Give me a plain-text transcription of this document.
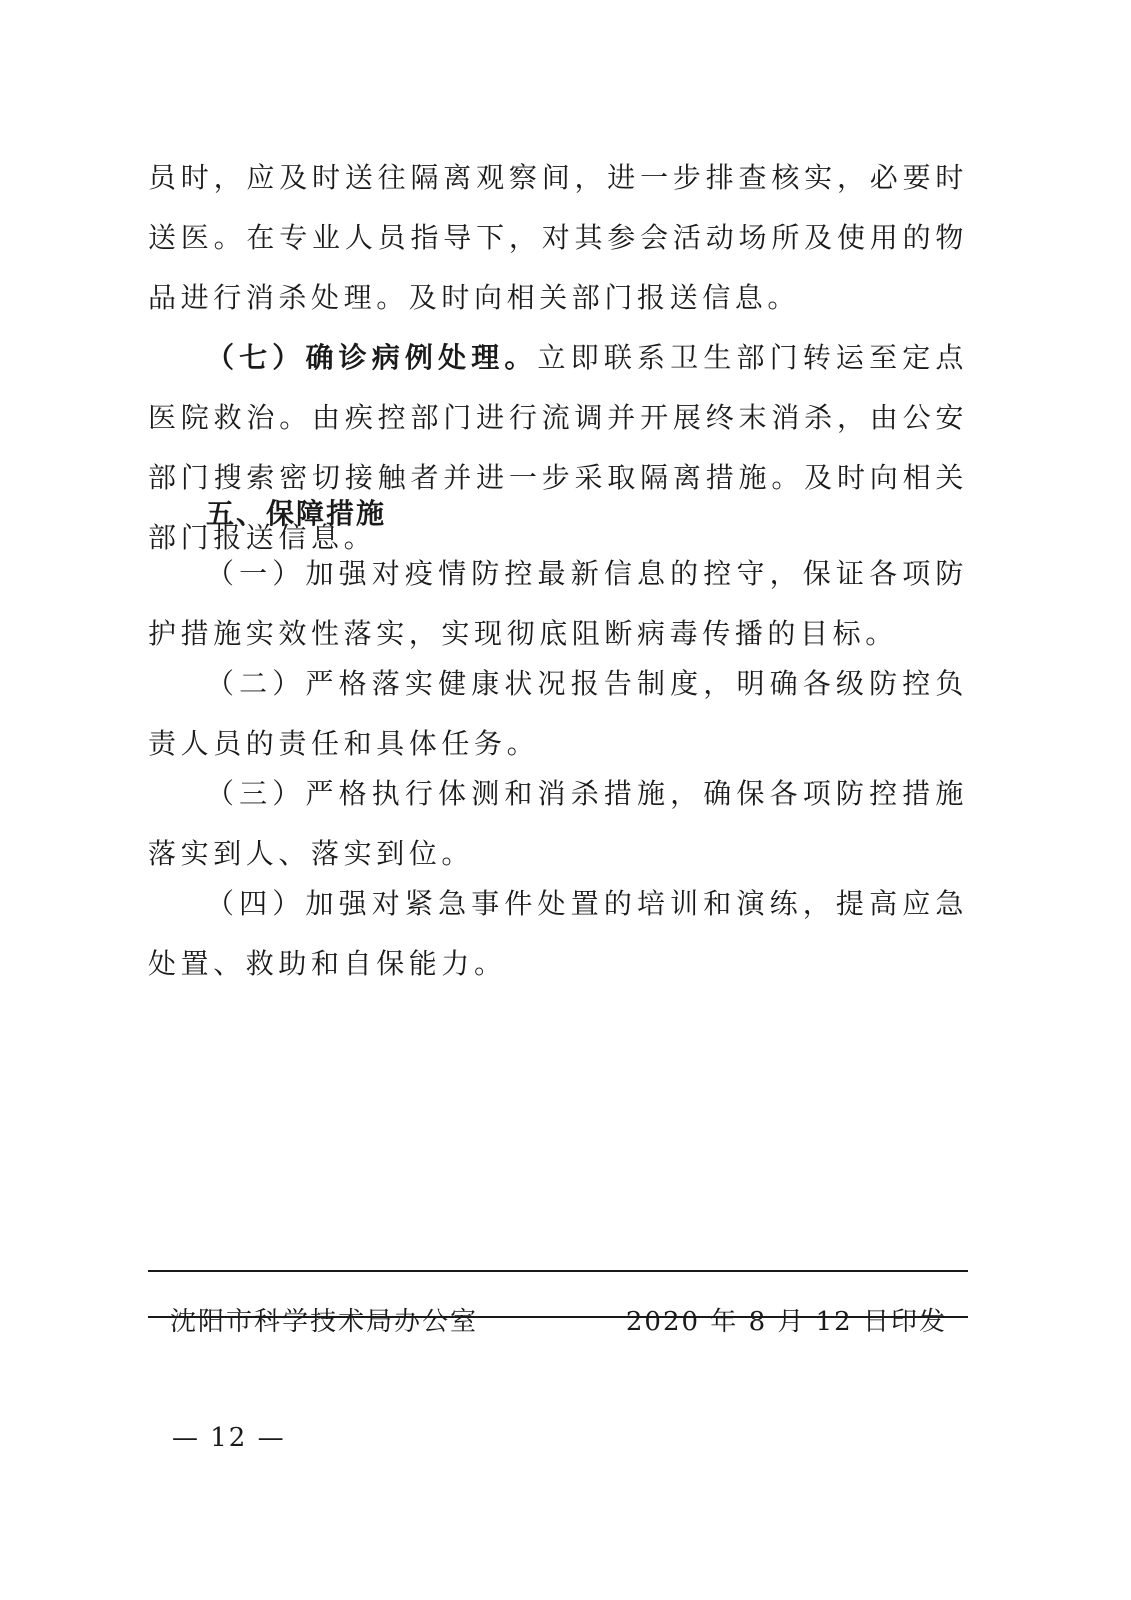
员时，应及时送往隔离观察间，进一步排查核实，必要时送医。在专业人员指导下，对其参会活动场所及使用的物品进行消杀处理。及时向相关部门报送信息。

（七）确诊病例处理。立即联系卫生部门转运至定点医院救治。由疾控部门进行流调并开展终末消杀，由公安部门搜索密切接触者并进一步采取隔离措施。及时向相关部门报送信息。

五、保障措施

（一）加强对疫情防控最新信息的控守，保证各项防护措施实效性落实，实现彻底阻断病毒传播的目标。

（二）严格落实健康状况报告制度，明确各级防控负责人员的责任和具体任务。

（三）严格执行体测和消杀措施，确保各项防控措施落实到人、落实到位。

（四）加强对紧急事件处置的培训和演练，提高应急处置、救助和自保能力。

沈阳市科学技术局办公室	2020 年 8 月 12 日印发
— 12 —
